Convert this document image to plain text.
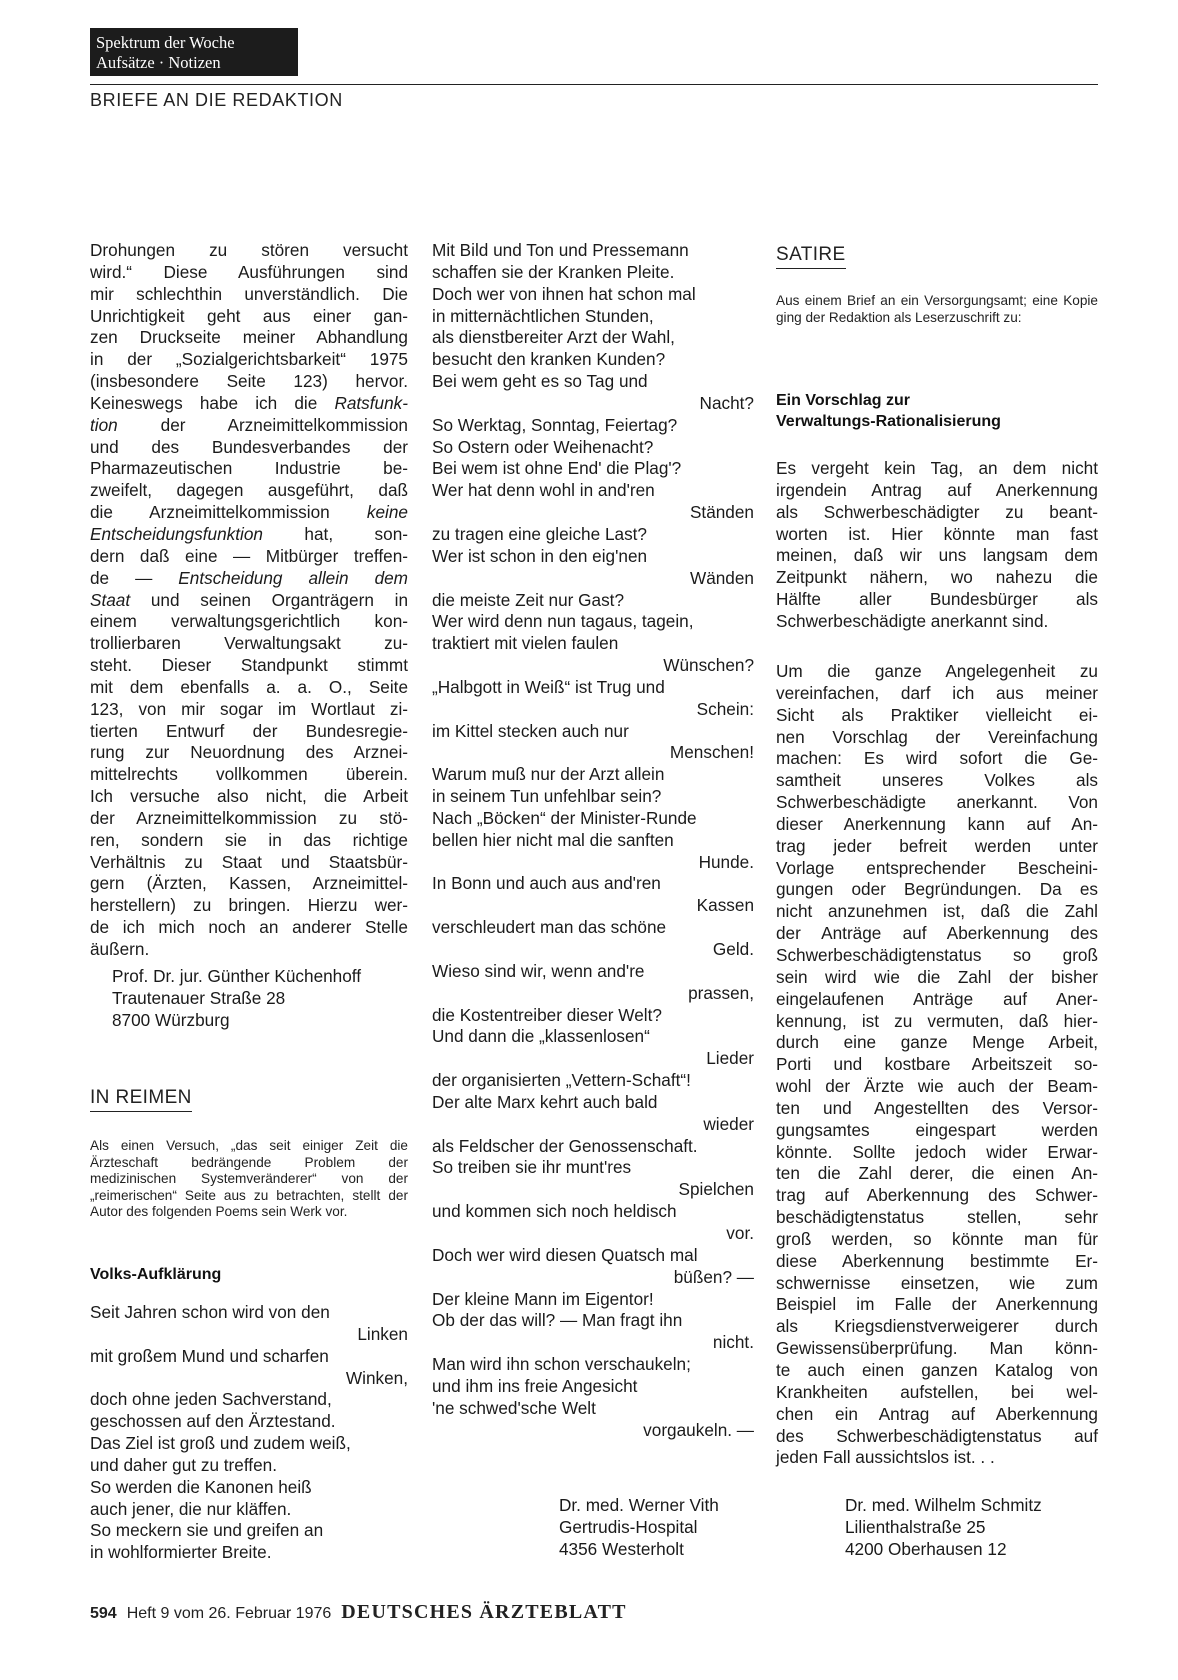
Spektrum der Woche
Aufsätze · Notizen
BRIEFE AN DIE REDAKTION
Drohungen zu stören versucht
wird.“ Diese Ausführungen sind
mir schlechthin unverständlich. Die
Unrichtigkeit geht aus einer gan-
zen Druckseite meiner Abhandlung
in der „Sozialgerichtsbarkeit“ 1975
(insbesondere Seite 123) hervor.
Keineswegs habe ich die Ratsfunk-
tion der Arzneimittelkommission
und des Bundesverbandes der
Pharmazeutischen Industrie be-
zweifelt, dagegen ausgeführt, daß
die Arzneimittelkommission keine
Entscheidungsfunktion hat, son-
dern daß eine — Mitbürger treffen-
de — Entscheidung allein dem
Staat und seinen Organträgern in
einem verwaltungsgerichtlich kon-
trollierbaren Verwaltungsakt zu-
steht. Dieser Standpunkt stimmt
mit dem ebenfalls a. a. O., Seite
123, von mir sogar im Wortlaut zi-
tierten Entwurf der Bundesregie-
rung zur Neuordnung des Arznei-
mittelrechts vollkommen überein.
Ich versuche also nicht, die Arbeit
der Arzneimittelkommission zu stö-
ren, sondern sie in das richtige
Verhältnis zu Staat und Staatsbür-
gern (Ärzten, Kassen, Arzneimittel-
herstellern) zu bringen. Hierzu wer-
de ich mich noch an anderer Stelle
äußern.
Prof. Dr. jur. Günther Küchenhoff
Trautenauer Straße 28
8700 Würzburg
IN REIMEN
Als einen Versuch, „das seit einiger Zeit die Ärzteschaft bedrängende Problem der medizinischen Systemveränderer“ von der „reimerischen“ Seite aus zu betrachten, stellt der Autor des folgenden Poems sein Werk vor.
Volks-Aufklärung
Seit Jahren schon wird von den
Linken
mit großem Mund und scharfen
Winken,
doch ohne jeden Sachverstand,
geschossen auf den Ärztestand.
Das Ziel ist groß und zudem weiß,
und daher gut zu treffen.
So werden die Kanonen heiß
auch jener, die nur kläffen.
So meckern sie und greifen an
in wohlformierter Breite.
Mit Bild und Ton und Pressemann
schaffen sie der Kranken Pleite.
Doch wer von ihnen hat schon mal
in mitternächtlichen Stunden,
als dienstbereiter Arzt der Wahl,
besucht den kranken Kunden?
Bei wem geht es so Tag und
Nacht?
So Werktag, Sonntag, Feiertag?
So Ostern oder Weihenacht?
Bei wem ist ohne End' die Plag'?
Wer hat denn wohl in and'ren
Ständen
zu tragen eine gleiche Last?
Wer ist schon in den eig'nen
Wänden
die meiste Zeit nur Gast?
Wer wird denn nun tagaus, tagein,
traktiert mit vielen faulen
Wünschen?
„Halbgott in Weiß“ ist Trug und
Schein:
im Kittel stecken auch nur
Menschen!
Warum muß nur der Arzt allein
in seinem Tun unfehlbar sein?
Nach „Böcken“ der Minister-Runde
bellen hier nicht mal die sanften
Hunde.
In Bonn und auch aus and'ren
Kassen
verschleudert man das schöne
Geld.
Wieso sind wir, wenn and're
prassen,
die Kostentreiber dieser Welt?
Und dann die „klassenlosen“
Lieder
der organisierten „Vettern-Schaft“!
Der alte Marx kehrt auch bald
wieder
als Feldscher der Genossenschaft.
So treiben sie ihr munt'res
Spielchen
und kommen sich noch heldisch
vor.
Doch wer wird diesen Quatsch mal
büßen? —
Der kleine Mann im Eigentor!
Ob der das will? — Man fragt ihn
nicht.
Man wird ihn schon verschaukeln;
und ihm ins freie Angesicht
'ne schwed'sche Welt
vorgaukeln. —
Dr. med. Werner Vith
Gertrudis-Hospital
4356 Westerholt
SATIRE
Aus einem Brief an ein Versorgungsamt; eine Kopie ging der Redaktion als Leserzuschrift zu:
Ein Vorschlag zur
Verwaltungs-Rationalisierung
Es vergeht kein Tag, an dem nicht
irgendein Antrag auf Anerkennung
als Schwerbeschädigter zu beant-
worten ist. Hier könnte man fast
meinen, daß wir uns langsam dem
Zeitpunkt nähern, wo nahezu die
Hälfte aller Bundesbürger als
Schwerbeschädigte anerkannt sind.
Um die ganze Angelegenheit zu
vereinfachen, darf ich aus meiner
Sicht als Praktiker vielleicht ei-
nen Vorschlag der Vereinfachung
machen: Es wird sofort die Ge-
samtheit unseres Volkes als
Schwerbeschädigte anerkannt. Von
dieser Anerkennung kann auf An-
trag jeder befreit werden unter
Vorlage entsprechender Bescheini-
gungen oder Begründungen. Da es
nicht anzunehmen ist, daß die Zahl
der Anträge auf Aberkennung des
Schwerbeschädigtenstatus so groß
sein wird wie die Zahl der bisher
eingelaufenen Anträge auf Aner-
kennung, ist zu vermuten, daß hier-
durch eine ganze Menge Arbeit,
Porti und kostbare Arbeitszeit so-
wohl der Ärzte wie auch der Beam-
ten und Angestellten des Versor-
gungsamtes eingespart werden
könnte. Sollte jedoch wider Erwar-
ten die Zahl derer, die einen An-
trag auf Aberkennung des Schwer-
beschädigtenstatus stellen, sehr
groß werden, so könnte man für
diese Aberkennung bestimmte Er-
schwernisse einsetzen, wie zum
Beispiel im Falle der Anerkennung
als Kriegsdienstverweigerer durch
Gewissensüberprüfung. Man könn-
te auch einen ganzen Katalog von
Krankheiten aufstellen, bei wel-
chen ein Antrag auf Aberkennung
des Schwerbeschädigtenstatus auf
jeden Fall aussichtslos ist. . .
Dr. med. Wilhelm Schmitz
Lilienthalstraße 25
4200 Oberhausen 12
594 Heft 9 vom 26. Februar 1976 DEUTSCHES ÄRZTEBLATT
